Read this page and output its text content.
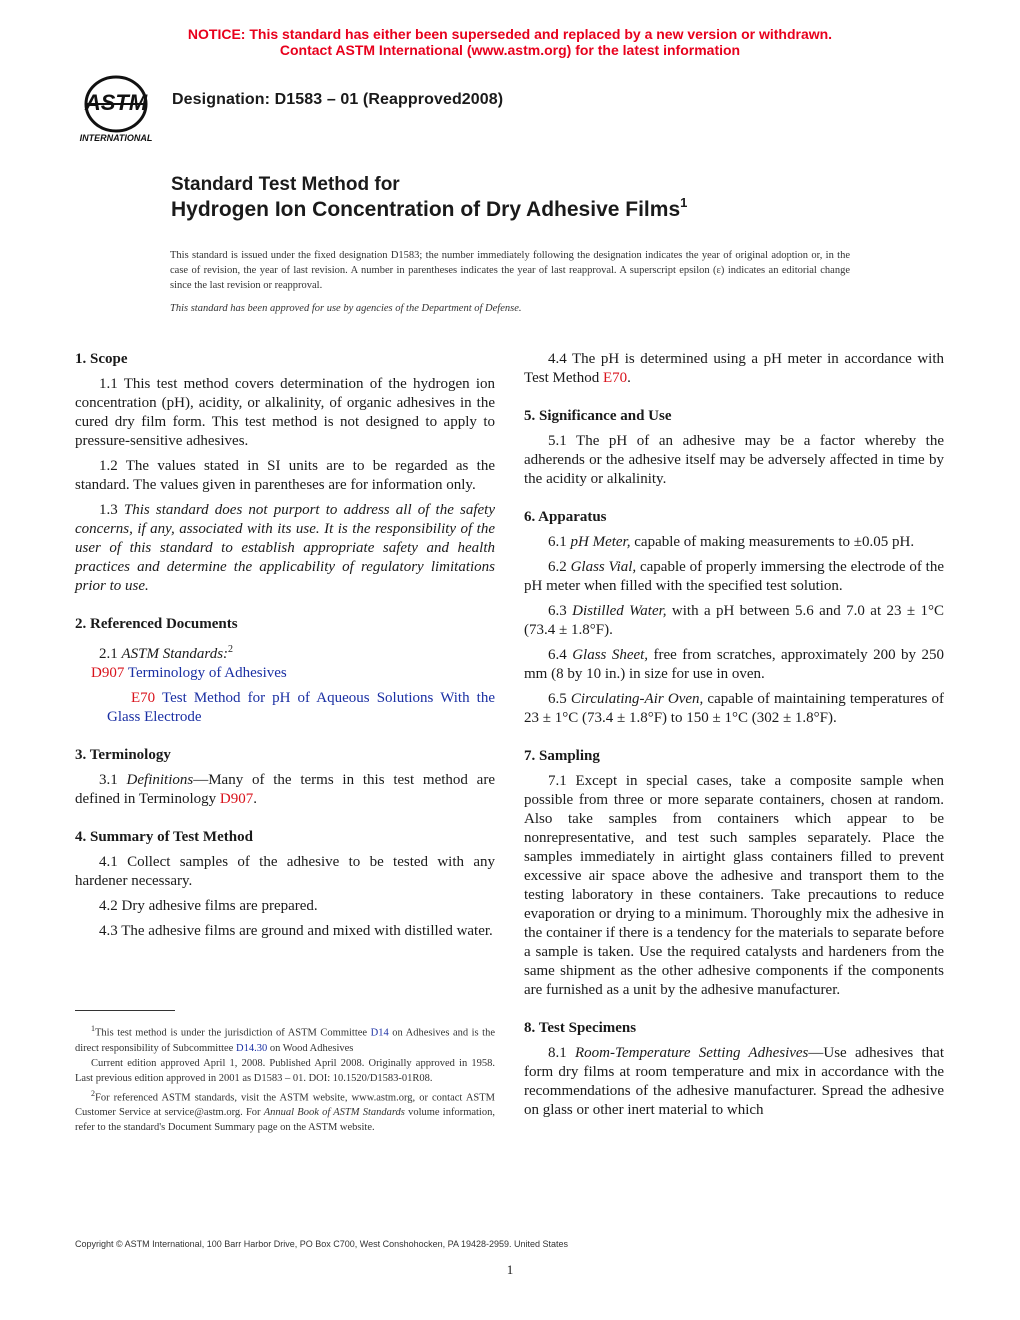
NOTICE: This standard has either been superseded and replaced by a new version or withdrawn.
Contact ASTM International (www.astm.org) for the latest information
ASTM
INTERNATIONAL
Designation: D1583 – 01 (Reapproved2008)
Standard Test Method for
Hydrogen Ion Concentration of Dry Adhesive Films$^1$
This standard is issued under the fixed designation D1583; the number immediately following the designation indicates the year of original adoption or, in the case of revision, the year of last revision. A number in parentheses indicates the year of last reapproval. A superscript epsilon (ε) indicates an editorial change since the last revision or reapproval.
This standard has been approved for use by agencies of the Department of Defense.
1. Scope

1.1 This test method covers determination of the hydrogen ion concentration (pH), acidity, or alkalinity, of organic adhesives in the cured dry film form. This test method is not designed to apply to pressure-sensitive adhesives.

1.2 The values stated in SI units are to be regarded as the standard. The values given in parentheses are for information only.

1.3 This standard does not purport to address all of the safety concerns, if any, associated with its use. It is the responsibility of the user of this standard to establish appropriate safety and health practices and determine the applicability of regulatory limitations prior to use.

2. Referenced Documents

2.1 ASTM Standards:$^2$

D907 Terminology of Adhesives

E70 Test Method for pH of Aqueous Solutions With the Glass Electrode

3. Terminology

3.1 Definitions—Many of the terms in this test method are defined in Terminology D907.

4. Summary of Test Method

4.1 Collect samples of the adhesive to be tested with any hardener necessary.

4.2 Dry adhesive films are prepared.

4.3 The adhesive films are ground and mixed with distilled water.

4.4 The pH is determined using a pH meter in accordance with Test Method E70.

5. Significance and Use

5.1 The pH of an adhesive may be a factor whereby the adherends or the adhesive itself may be adversely affected in time by the acidity or alkalinity.

6. Apparatus

6.1 pH Meter, capable of making measurements to ±0.05 pH.

6.2 Glass Vial, capable of properly immersing the electrode of the pH meter when filled with the specified test solution.

6.3 Distilled Water, with a pH between 5.6 and 7.0 at 23 ± 1°C (73.4 ± 1.8°F).

6.4 Glass Sheet, free from scratches, approximately 200 by 250 mm (8 by 10 in.) in size for use in oven.

6.5 Circulating-Air Oven, capable of maintaining temperatures of 23 ± 1°C (73.4 ± 1.8°F) to 150 ± 1°C (302 ± 1.8°F).

7. Sampling

7.1 Except in special cases, take a composite sample when possible from three or more separate containers, chosen at random. Also take samples from containers which appear to be nonrepresentative, and test such samples separately. Place the samples immediately in airtight glass containers filled to prevent excessive air space above the adhesive and transport them to the testing laboratory in these containers. Take precautions to reduce evaporation or drying to a minimum. Thoroughly mix the adhesive in the container if there is a tendency for the materials to separate before a sample is taken. Use the required catalysts and hardeners from the same shipment as the other adhesive components if the components are furnished as a unit by the adhesive manufacturer.

8. Test Specimens

8.1 Room-Temperature Setting Adhesives—Use adhesives that form dry films at room temperature and mix in accordance with the recommendations of the adhesive manufacturer. Spread the adhesive on glass or other inert material to which

$^1$This test method is under the jurisdiction of ASTM Committee D14 on Adhesives and is the direct responsibility of Subcommittee D14.30 on Wood Adhesives

Current edition approved April 1, 2008. Published April 2008. Originally approved in 1958. Last previous edition approved in 2001 as D1583 – 01. DOI: 10.1520/D1583-01R08.

$^2$For referenced ASTM standards, visit the ASTM website, www.astm.org, or contact ASTM Customer Service at service@astm.org. For Annual Book of ASTM Standards volume information, refer to the standard's Document Summary page on the ASTM website.

Copyright © ASTM International, 100 Barr Harbor Drive, PO Box C700, West Conshohocken, PA 19428-2959. United States
1
